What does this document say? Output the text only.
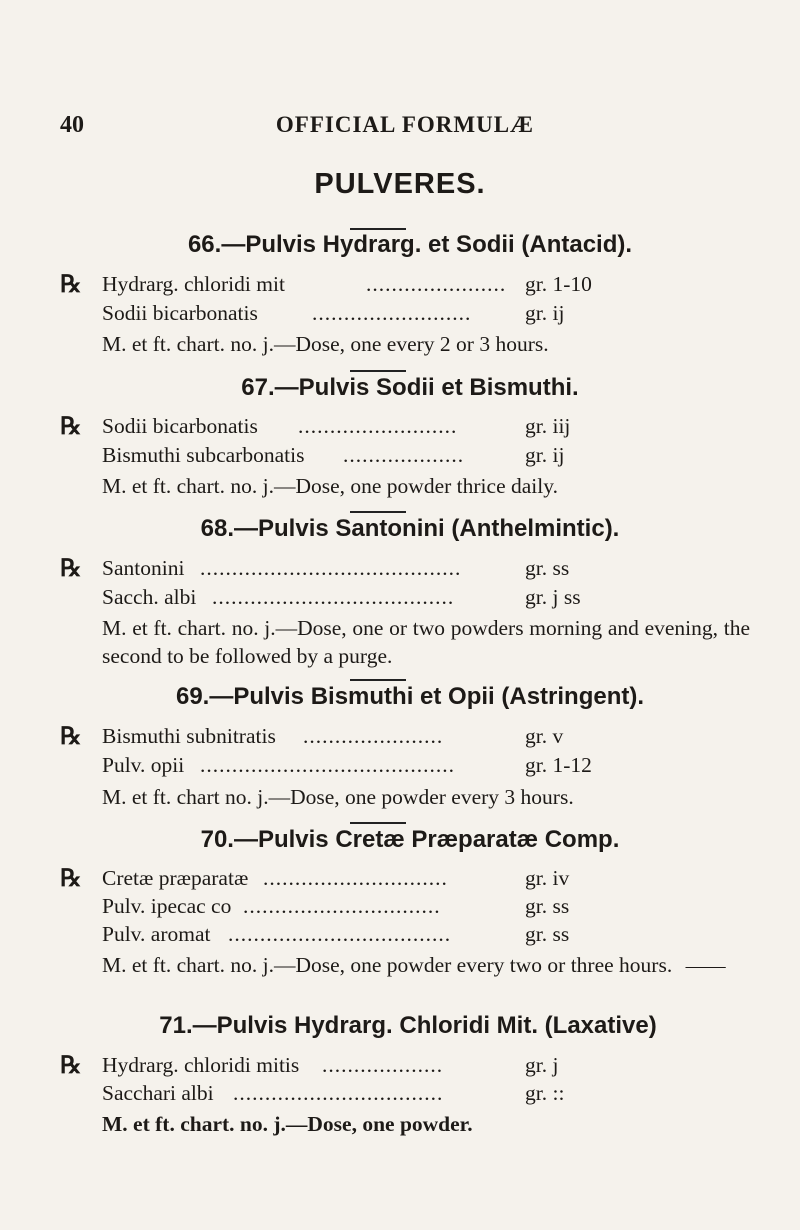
40	OFFICIAL FORMULÆ
PULVERES.
66.—Pulvis Hydrarg. et Sodii (Antacid).
℞ Hydrarg. chloridi mit	...................... gr. 1-10
Sodii bicarbonatis	......................... gr. ij
M. et ft. chart. no. j.—Dose, one every 2 or 3 hours.
67.—Pulvis Sodii et Bismuthi.
℞ Sodii bicarbonatis .........................	gr. iij
Bismuthi subcarbonatis ...................	gr. ij
M. et ft. chart. no. j.—Dose, one powder thrice daily.
68.—Pulvis Santonini (Anthelmintic).
℞ Santonini .........................................	gr. ss
Sacch. albi ......................................	gr. j ss
M. et ft. chart. no. j.—Dose, one or two powders morning and evening, the second to be followed by a purge.
69.—Pulvis Bismuthi et Opii (Astringent).
℞ Bismuthi subnitratis ......................	gr. v
Pulv. opii ........................................	gr. 1-12
M. et ft. chart no. j.—Dose, one powder every 3 hours.
70.—Pulvis Cretæ Præparatæ Comp.
℞ Cretæ præparatæ .............................	gr. iv
Pulv. ipecac co ...............................	gr. ss
Pulv. aromat ...................................	gr. ss
M. et ft. chart. no. j.—Dose, one powder every two or three hours. ——
71.—Pulvis Hydrarg. Chloridi Mit. (Laxative)
℞ Hydrarg. chloridi mitis ...................	gr. j
Sacchari albi .................................	gr. ::
M. et ft. chart. no. j.—Dose, one powder.
